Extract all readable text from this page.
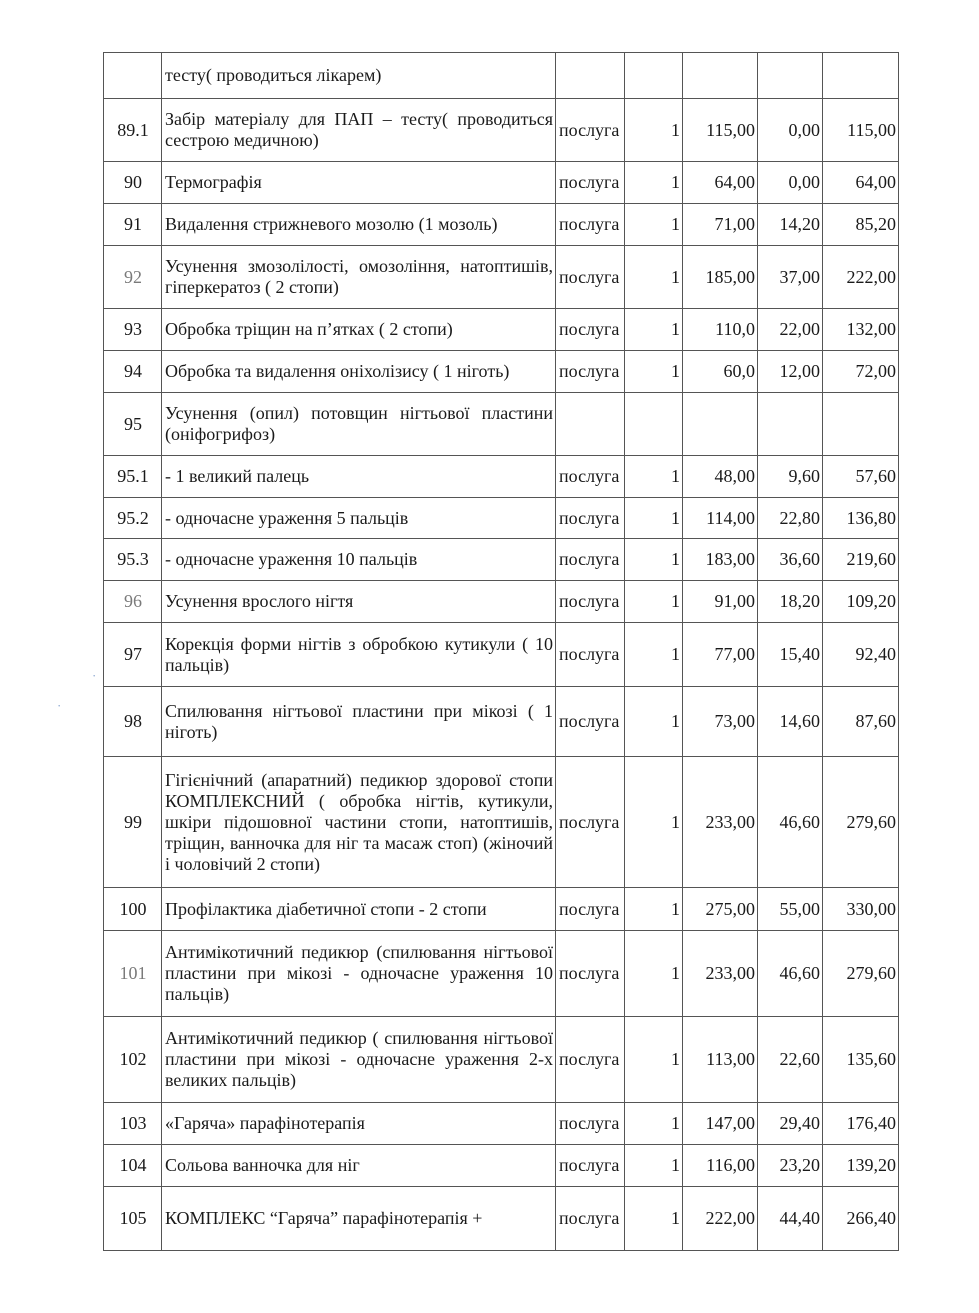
	тесту( проводиться лікарем)					
89.1	Забір матеріалу для ПАП – тесту( проводиться сестрою медичною)	послуга	1	115,00	0,00	115,00
90	Термографія	послуга	1	64,00	0,00	64,00
91	Видалення стрижневого мозолю (1 мозоль)	послуга	1	71,00	14,20	85,20
92	Усунення змозолілості, омозоління, натоптишів, гіперкератоз ( 2 стопи)	послуга	1	185,00	37,00	222,00
93	Обробка тріщин на п’ятках ( 2 стопи)	послуга	1	110,0	22,00	132,00
94	Обробка та видалення оніхолізису ( 1 ніготь)	послуга	1	60,0	12,00	72,00
95	Усунення (опил) потовщин нігтьової пластини (оніфогрифоз)					
95.1	- 1 великий палець	послуга	1	48,00	9,60	57,60
95.2	- одночасне ураження 5 пальців	послуга	1	114,00	22,80	136,80
95.3	- одночасне ураження 10 пальців	послуга	1	183,00	36,60	219,60
96	Усунення врослого нігтя	послуга	1	91,00	18,20	109,20
97	Корекція форми нігтів з обробкою кутикули ( 10 пальців)	послуга	1	77,00	15,40	92,40
98	Спилювання нігтьової пластини при мікозі ( 1 ніготь)	послуга	1	73,00	14,60	87,60
99	Гігієнічний (апаратний) педикюр здорової стопи КОМПЛЕКСНИЙ ( обробка нігтів, кутикули, шкіри підошовної частини стопи, натоптишів, тріщин, ванночка для ніг та масаж стоп) (жіночий і чоловічий 2 стопи)	послуга	1	233,00	46,60	279,60
100	Профілактика діабетичної стопи - 2 стопи	послуга	1	275,00	55,00	330,00
101	Антимікотичний педикюр (спилювання нігтьової пластини при мікозі - одночасне ураження 10 пальців)	послуга	1	233,00	46,60	279,60
102	Антимікотичний педикюр ( спилювання нігтьової пластини при мікозі - одночасне ураження 2-х великих пальців)	послуга	1	113,00	22,60	135,60
103	«Гаряча» парафінотерапія	послуга	1	147,00	29,40	176,40
104	Сольова ванночка для ніг	послуга	1	116,00	23,20	139,20
105	КОМПЛЕКС “Гаряча” парафінотерапія +	послуга	1	222,00	44,40	266,40
·
·
